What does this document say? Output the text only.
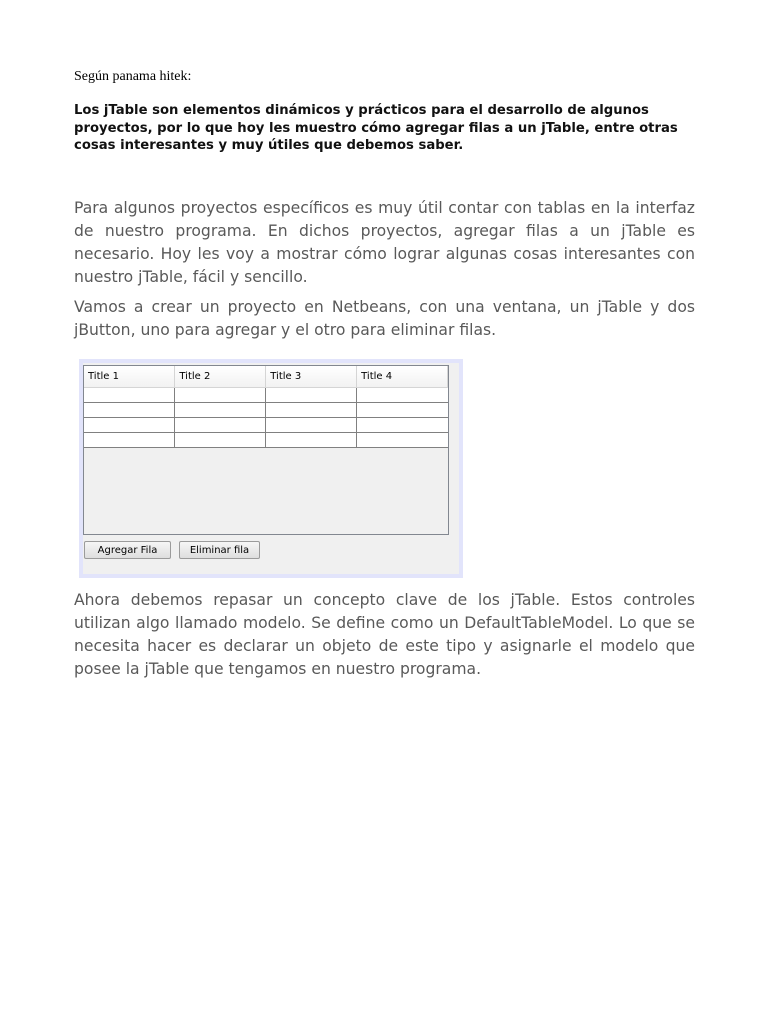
Según panama hitek:
Los jTable son elementos dinámicos y prácticos para el desarrollo de algunos proyectos, por lo que hoy les muestro cómo agregar filas a un jTable, entre otras cosas interesantes y muy útiles que debemos saber.
Para algunos proyectos específicos es muy útil contar con tablas en la interfaz de nuestro programa. En dichos proyectos, agregar filas a un jTable es necesario. Hoy les voy a mostrar cómo lograr algunas cosas interesantes con nuestro jTable, fácil y sencillo.
Vamos a crear un proyecto en Netbeans, con una ventana, un jTable y dos jButton, uno para agregar y el otro para eliminar filas.
Title 1	Title 2	Title 3	Title 4

Agregar Fila	Eliminar fila
Ahora debemos repasar un concepto clave de los jTable. Estos controles utilizan algo llamado modelo. Se define como un DefaultTableModel. Lo que se necesita hacer es declarar un objeto de este tipo y asignarle el modelo que posee la jTable que tengamos en nuestro programa.
